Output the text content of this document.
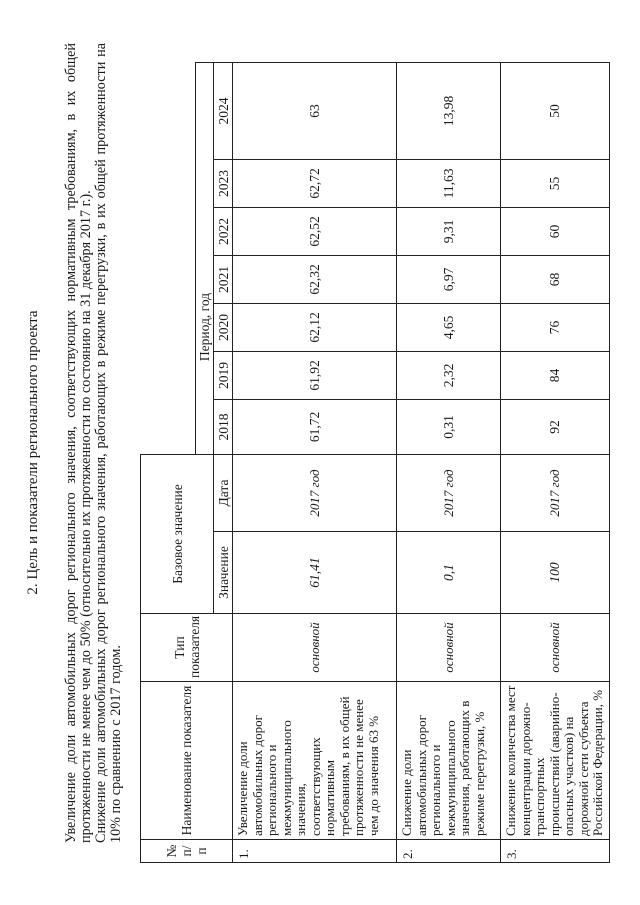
2. Цель и показатели регионального проекта Увеличение доли автомобильных дорог регионального значения, соответствующих нормативным требованиям, в их общей протяженности не менее чем до 50% (относительно их протяженности по состоянию на 31 декабря 2017 г.). Снижение доли автомобильных дорог регионального значения, работающих в режиме перегрузки, в их общей протяженности на 10% по сравнению с 2017 годом.

№ п/п	Наименование показателя	Тип показателя	Базовое значение								
					Период, год						
			Значение	Дата	2018	2019	2020	2021	2022	2023	2024
1.	Увеличение доли автомобильных дорог регионального и межмуниципального значения, соответствующих нормативным требованиям, в их общей протяженности не менее чем до значения 63 %	основной	61,41	2017 год	61,72	61,92	62,12	62,32	62,52	62,72	63
2.	Снижение доли автомобильных дорог регионального и межмуниципального значения, работающих в режиме перегрузки, %	основной	0,1	2017 год	0,31	2,32	4,65	6,97	9,31	11,63	13,98
3.	Снижение количества мест концентрации дорожно-транспортных происшествий (аварийно-опасных участков) на дорожной сети субъекта Российской Федерации, %	основной	100	2017 год	92	84	76	68	60	55	50
